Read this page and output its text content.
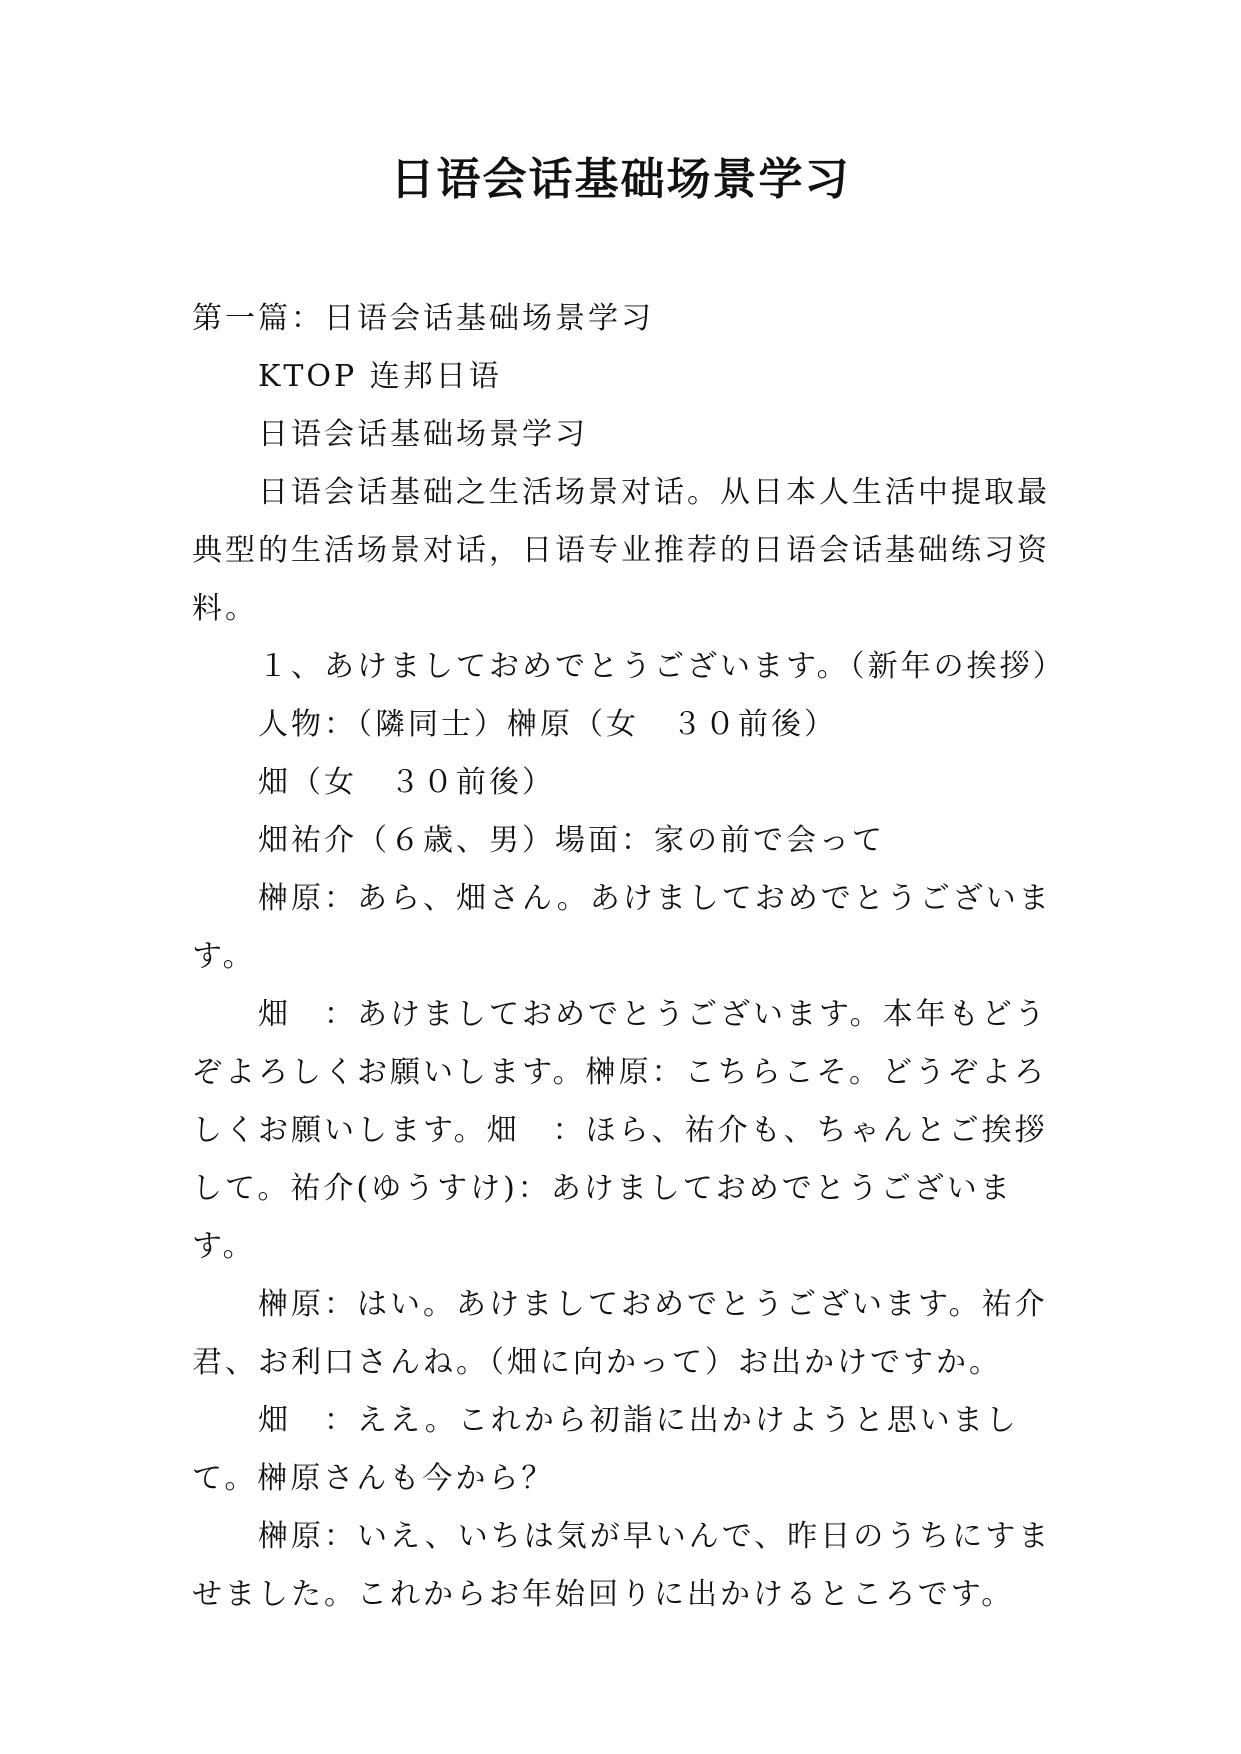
日语会话基础场景学习

第一篇：日语会话基础场景学习

KTOP 连邦日语

日语会话基础场景学习

日语会话基础之生活场景对话。从日本人生活中提取最典型的生活场景对话，日语专业推荐的日语会话基础练习资料。

１、あけましておめでとうございます。（新年の挨拶）

人物：（隣同士）榊原（女　３０前後）

畑（女　３０前後）

畑祐介（６歳、男）場面：家の前で会って

榊原：あら、畑さん。あけましておめでとうございます。

畑　：あけましておめでとうございます。本年もどうぞよろしくお願いします。榊原：こちらこそ。どうぞよろしくお願いします。畑　：ほら、祐介も、ちゃんとご挨拶して。祐介(ゆうすけ)：あけましておめでとうございます。

榊原：はい。あけましておめでとうございます。祐介君、お利口さんね。（畑に向かって）お出かけですか。

畑　：ええ。これから初詣に出かけようと思いまして。榊原さんも今から？

榊原：いえ、いちは気が早いんで、昨日のうちにすませました。これからお年始回りに出かけるところです。
